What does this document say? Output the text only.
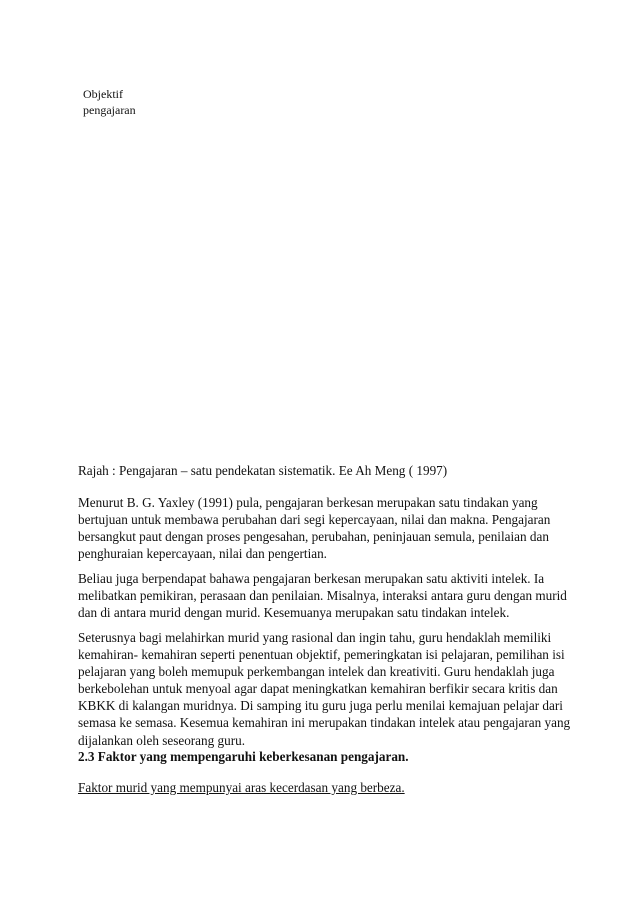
Objektif
pengajaran
Rajah : Pengajaran – satu pendekatan sistematik. Ee Ah Meng ( 1997)

Menurut B. G. Yaxley (1991) pula, pengajaran berkesan merupakan satu tindakan yang
bertujuan untuk membawa perubahan dari segi kepercayaan, nilai dan makna. Pengajaran
bersangkut paut dengan proses pengesahan, perubahan, peninjauan semula, penilaian dan
penghuraian kepercayaan, nilai dan pengertian.

Beliau juga berpendapat bahawa pengajaran berkesan merupakan satu aktiviti intelek. Ia
melibatkan pemikiran, perasaan dan penilaian. Misalnya, interaksi antara guru dengan murid
dan di antara murid dengan murid. Kesemuanya merupakan satu tindakan intelek.

Seterusnya bagi melahirkan murid yang rasional dan ingin tahu, guru hendaklah memiliki
kemahiran- kemahiran seperti penentuan objektif, pemeringkatan isi pelajaran, pemilihan isi
pelajaran yang boleh memupuk perkembangan intelek dan kreativiti. Guru hendaklah juga
berkebolehan untuk menyoal agar dapat meningkatkan kemahiran berfikir secara kritis dan
KBKK di kalangan muridnya. Di samping itu guru juga perlu menilai kemajuan pelajar dari
semasa ke semasa. Kesemua kemahiran ini merupakan tindakan intelek atau pengajaran yang
dijalankan oleh seseorang guru.

2.3 Faktor yang mempengaruhi keberkesanan pengajaran.
Faktor murid yang mempunyai aras kecerdasan yang berbeza.
